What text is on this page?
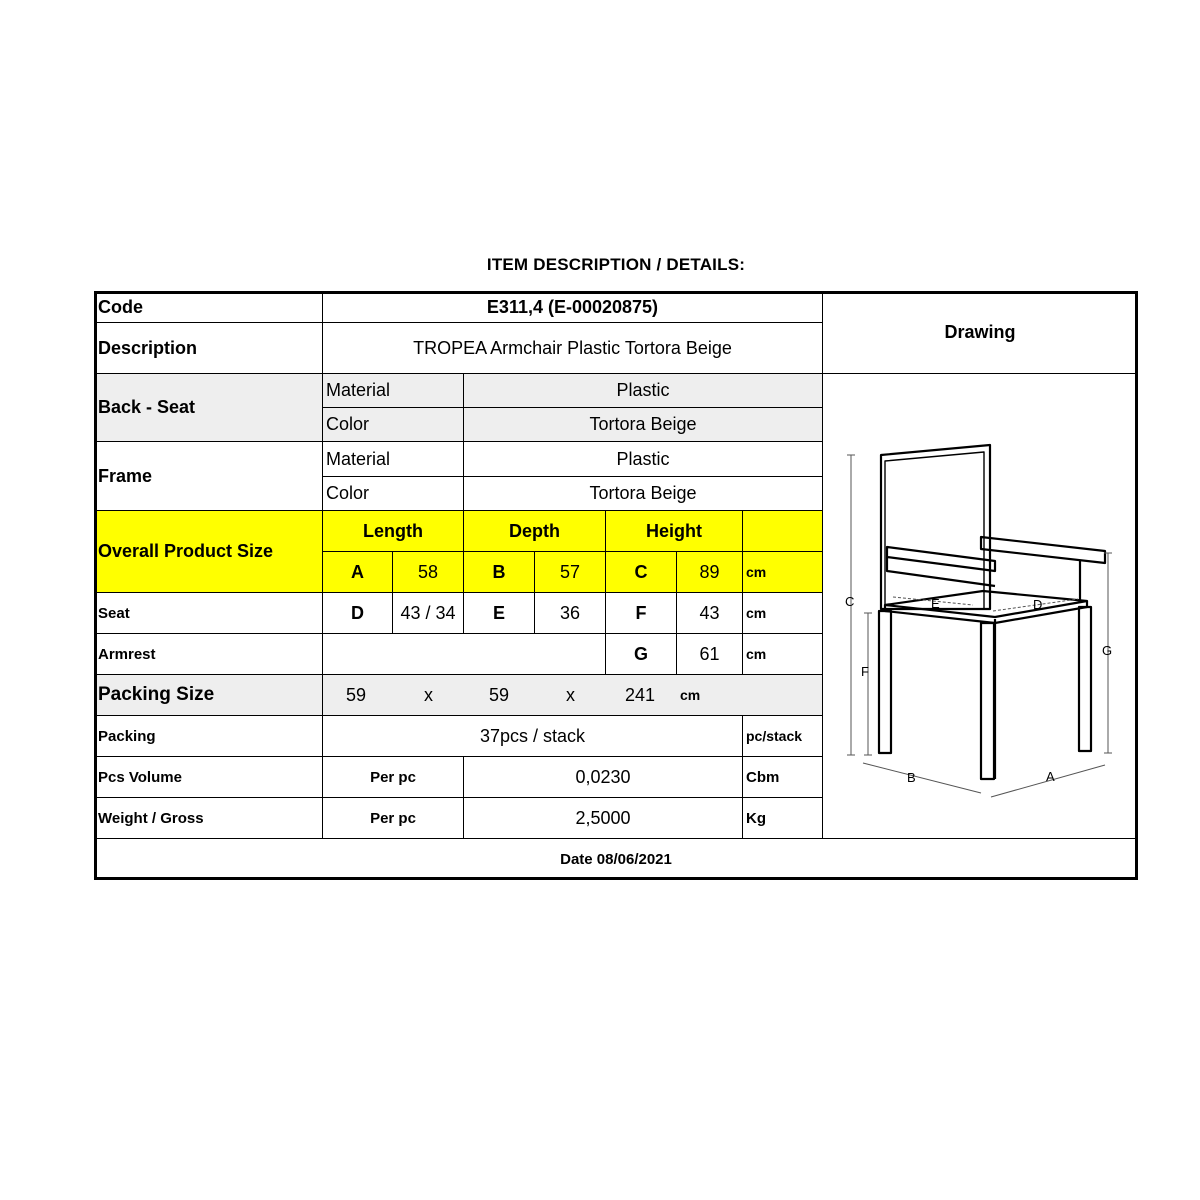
ITEM DESCRIPTION / DETAILS:
Code	E311,4 (E-00020875)
Description	TROPEA Armchair Plastic Tortora Beige
Drawing
Back - Seat
Material	Plastic
Color	Tortora Beige
Frame
Material	Plastic
Color	Tortora Beige
Overall Product Size
Length	Depth	Height
A	58	B	57	C	89	cm
Seat	D	43 / 34	E	36	F	43	cm
Armrest	G	61	cm
Packing Size	59	x	59	x	241 cm
Packing	37pcs / stack	pc/stack
Pcs Volume	Per pc	0,0230	Cbm
Weight / Gross	Per pc	2,5000	Kg
Date 08/06/2021
C
F
G
B	A
E	D
